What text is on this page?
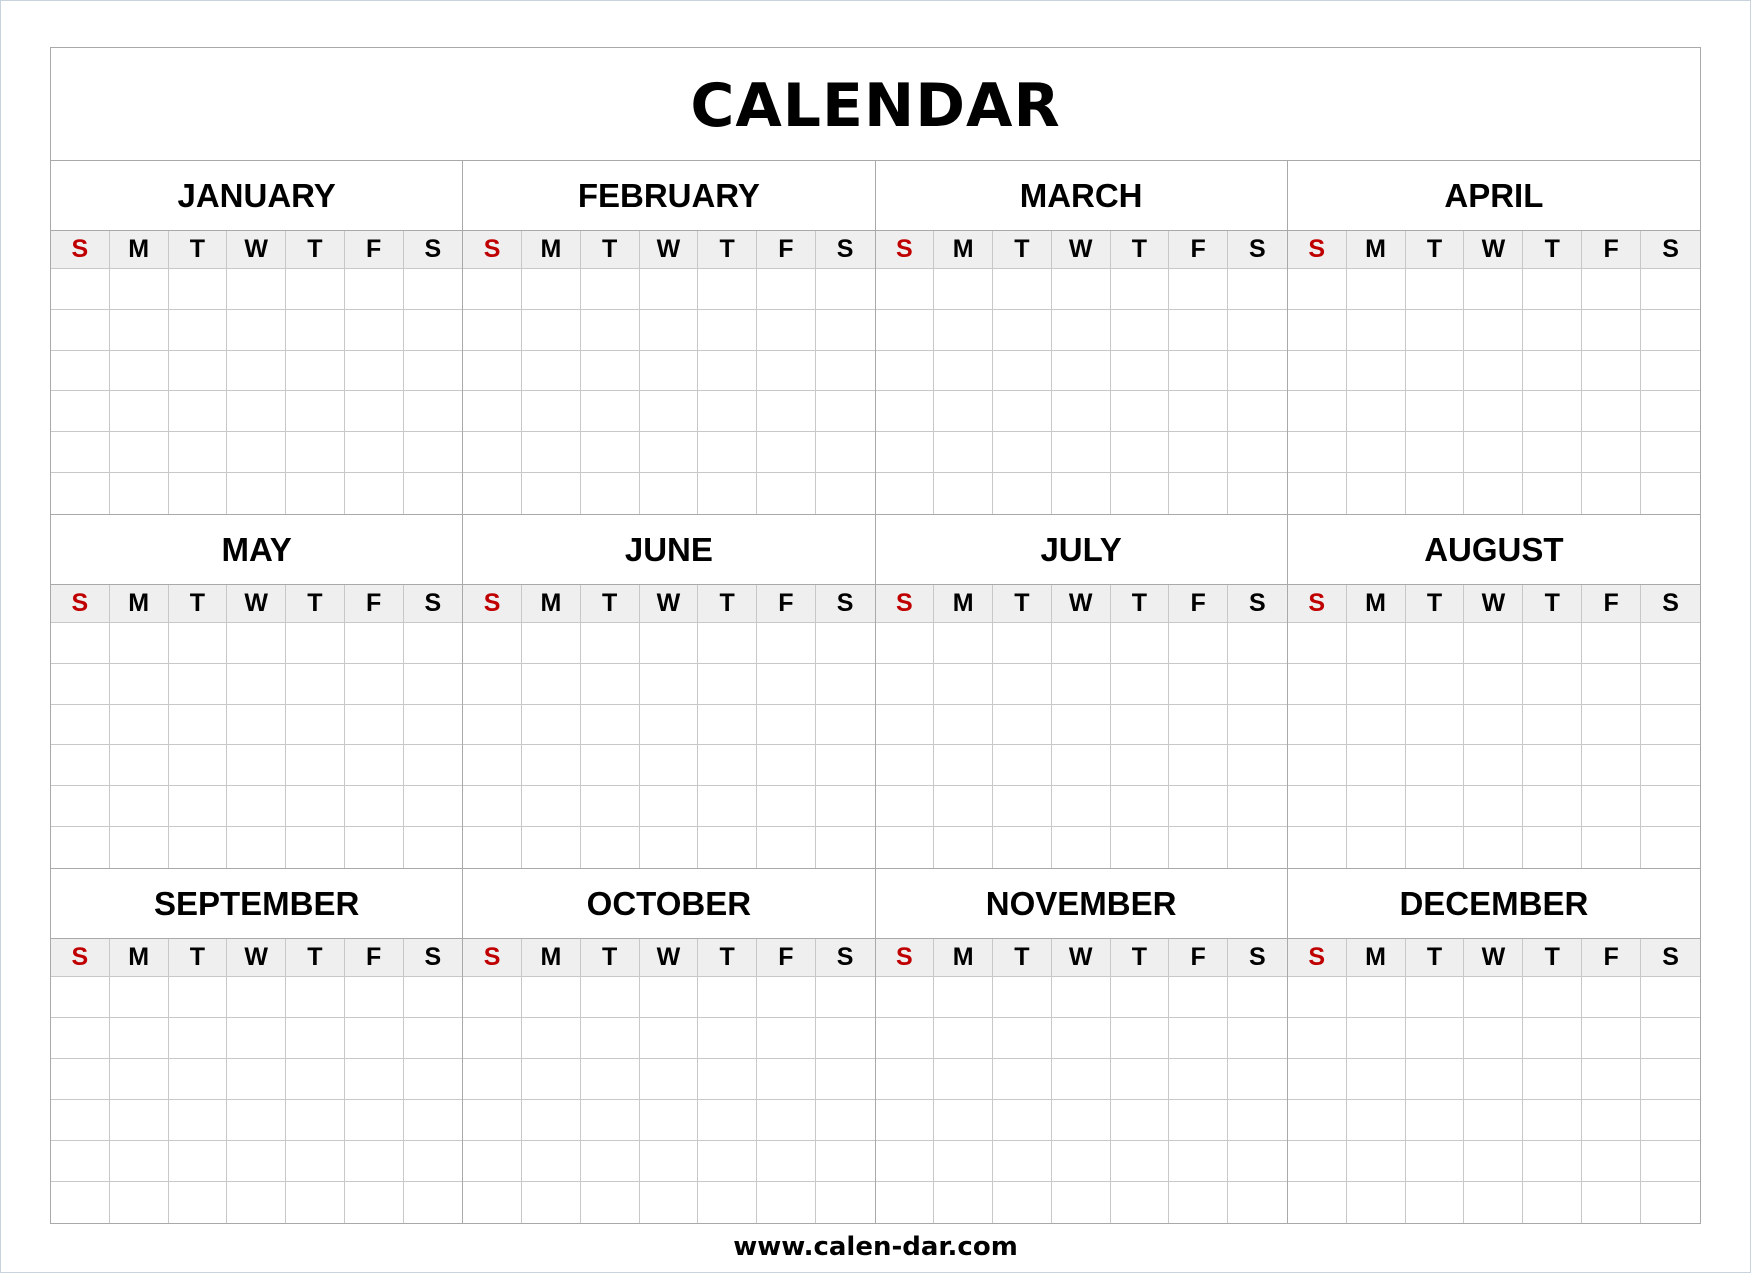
CALENDAR
JANUARY
S	M	T	W	T	F	S
FEBRUARY
S	M	T	W	T	F	S
MARCH
S	M	T	W	T	F	S
APRIL
S	M	T	W	T	F	S
MAY
S	M	T	W	T	F	S
JUNE
S	M	T	W	T	F	S
JULY
S	M	T	W	T	F	S
AUGUST
S	M	T	W	T	F	S
SEPTEMBER
S	M	T	W	T	F	S
OCTOBER
S	M	T	W	T	F	S
NOVEMBER
S	M	T	W	T	F	S
DECEMBER
S	M	T	W	T	F	S
www.calen-dar.com
